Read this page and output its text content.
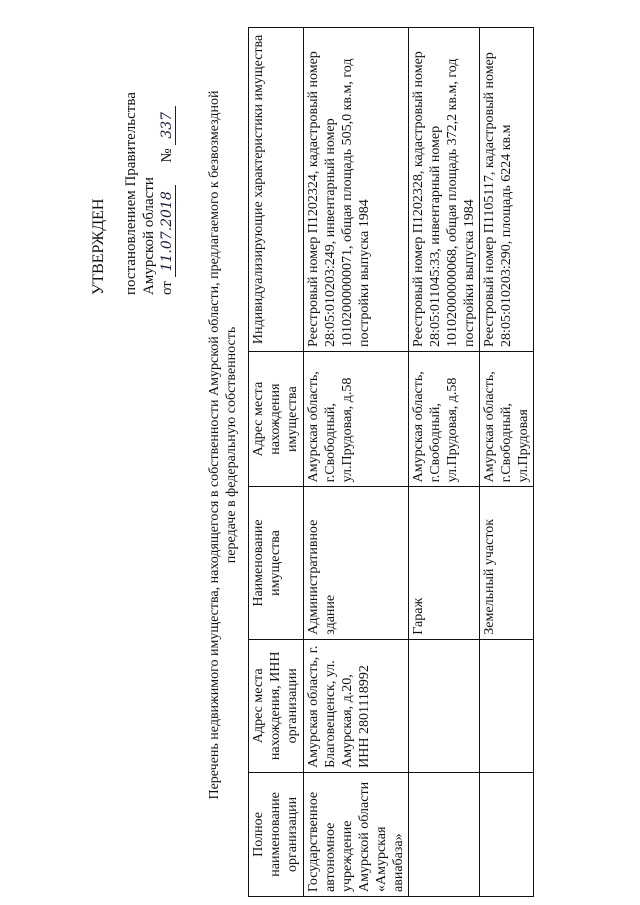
УТВЕРЖДЕН постановлением Правительства Амурской области от 11.07.2018      № 337 Перечень недвижимого имущества, находящегося в собственности Амурской области, предлагаемого к безвозмездной передаче в федеральную собственность
Полное наименование организации	Адрес места нахождения, ИНН организации	Наименование имущества	Адрес места нахождения имущества	Индивидуализирующие характеристики имущества
Государственное автономное учреждение Амурской области «Амурская авиабаза»	Амурская область, г. Благовещенск, ул. Амурская, д.20, ИНН 2801118992	Административное здание	Амурская область, г.Свободный, ул.Прудовая, д.58	Реестровый номер П1202324, кадастровый номер 28:05:010203:249, инвентарный номер 10102000000071, общая площадь 505,0 кв.м, год постройки выпуска 1984
		Гараж	Амурская область, г.Свободный, ул.Прудовая, д.58	Реестровый номер П1202328, кадастровый номер 28:05:011045:33, инвентарный номер 10102000000068, общая площадь 372,2 кв.м, год постройки выпуска 1984
		Земельный участок	Амурская область, г.Свободный, ул.Прудовая	Реестровый номер П1105117, кадастровый номер 28:05:010203:290, площадь 6224 кв.м
